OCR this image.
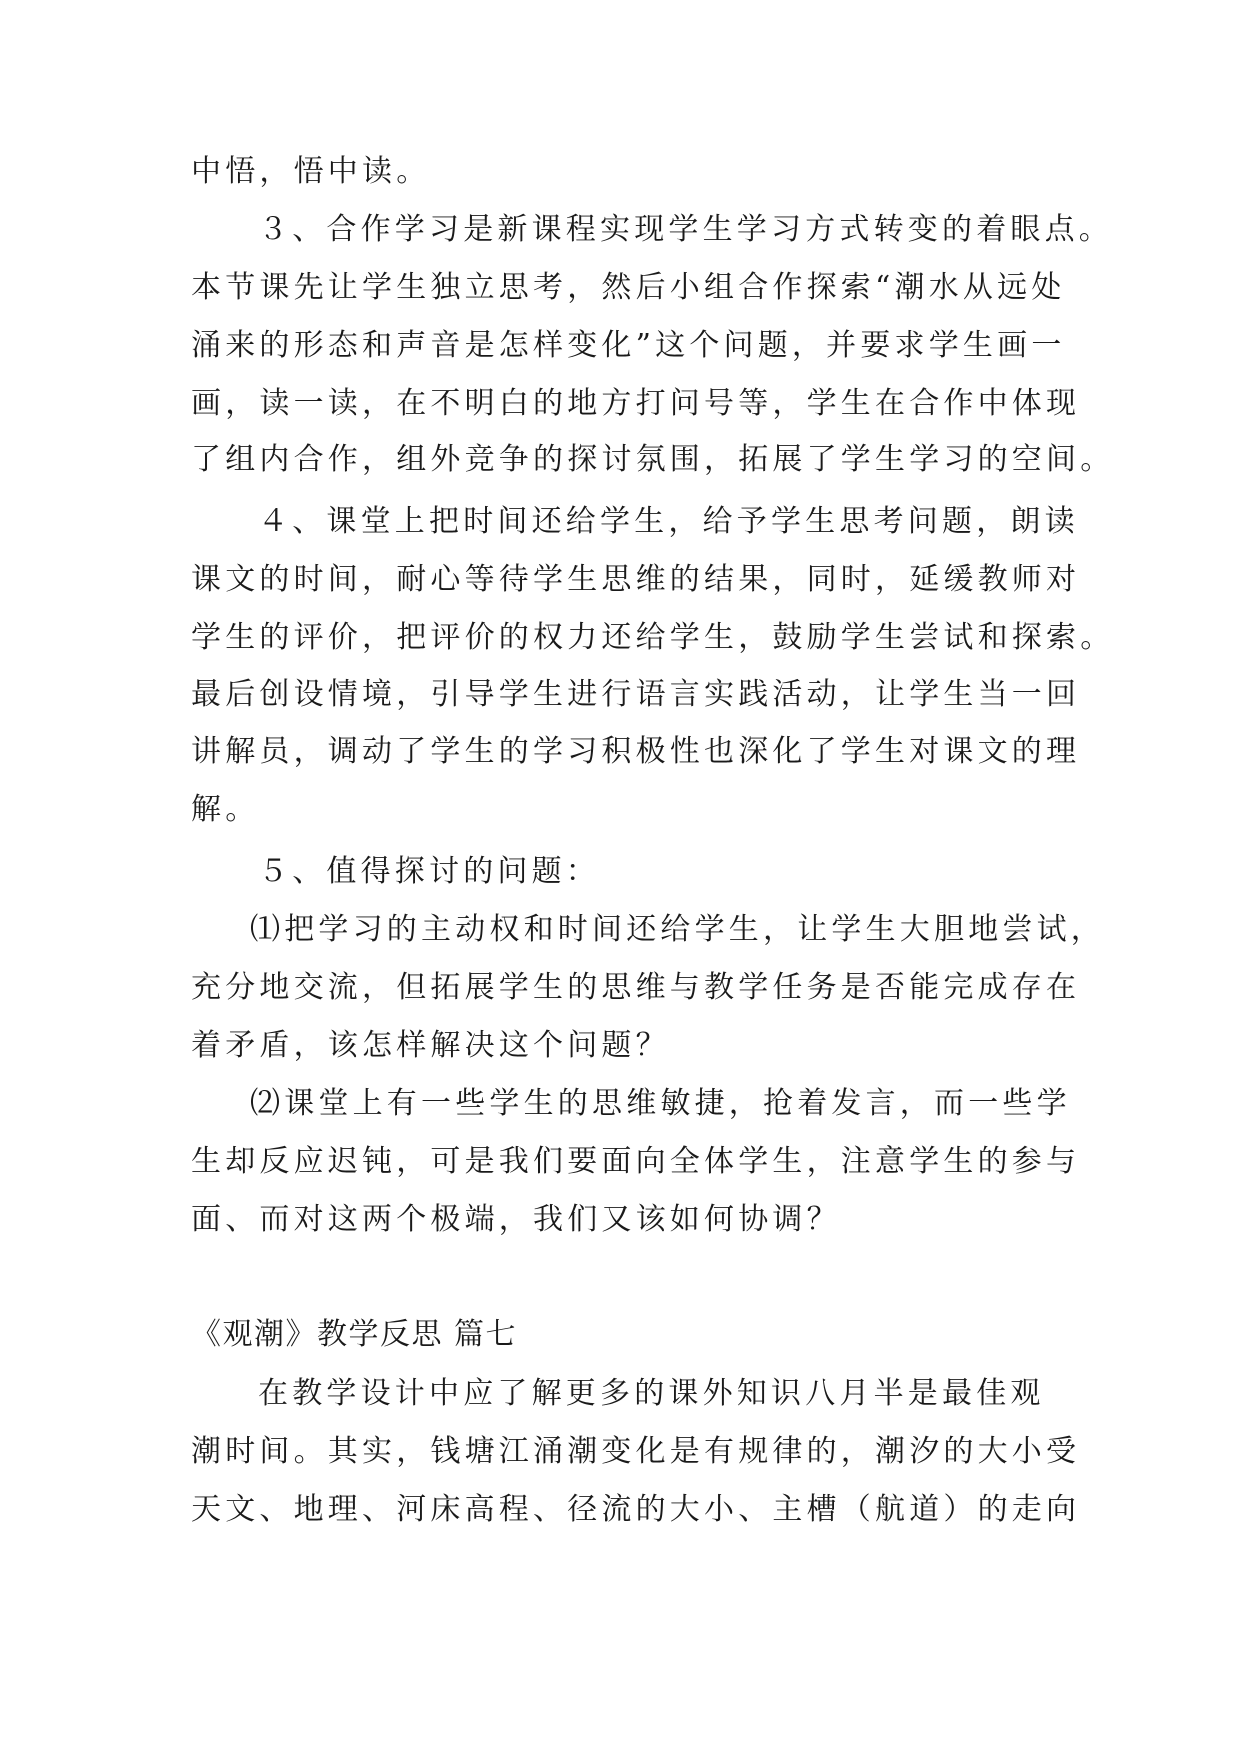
中悟，悟中读。
３、合作学习是新课程实现学生学习方式转变的着眼点。
本节课先让学生独立思考，然后小组合作探索“潮水从远处
涌来的形态和声音是怎样变化”这个问题，并要求学生画一
画，读一读，在不明白的地方打问号等，学生在合作中体现
了组内合作，组外竞争的探讨氛围，拓展了学生学习的空间。
４、课堂上把时间还给学生，给予学生思考问题，朗读
课文的时间，耐心等待学生思维的结果，同时，延缓教师对
学生的评价，把评价的权力还给学生，鼓励学生尝试和探索。
最后创设情境，引导学生进行语言实践活动，让学生当一回
讲解员，调动了学生的学习积极性也深化了学生对课文的理
解。
５、值得探讨的问题：
⑴把学习的主动权和时间还给学生，让学生大胆地尝试，
充分地交流，但拓展学生的思维与教学任务是否能完成存在
着矛盾，该怎样解决这个问题？
⑵课堂上有一些学生的思维敏捷，抢着发言，而一些学
生却反应迟钝，可是我们要面向全体学生，注意学生的参与
面、而对这两个极端，我们又该如何协调？
《观潮》教学反思 篇七
在教学设计中应了解更多的课外知识八月半是最佳观
潮时间。其实，钱塘江涌潮变化是有规律的，潮汐的大小受
天文、地理、河床高程、径流的大小、主槽（航道）的走向
